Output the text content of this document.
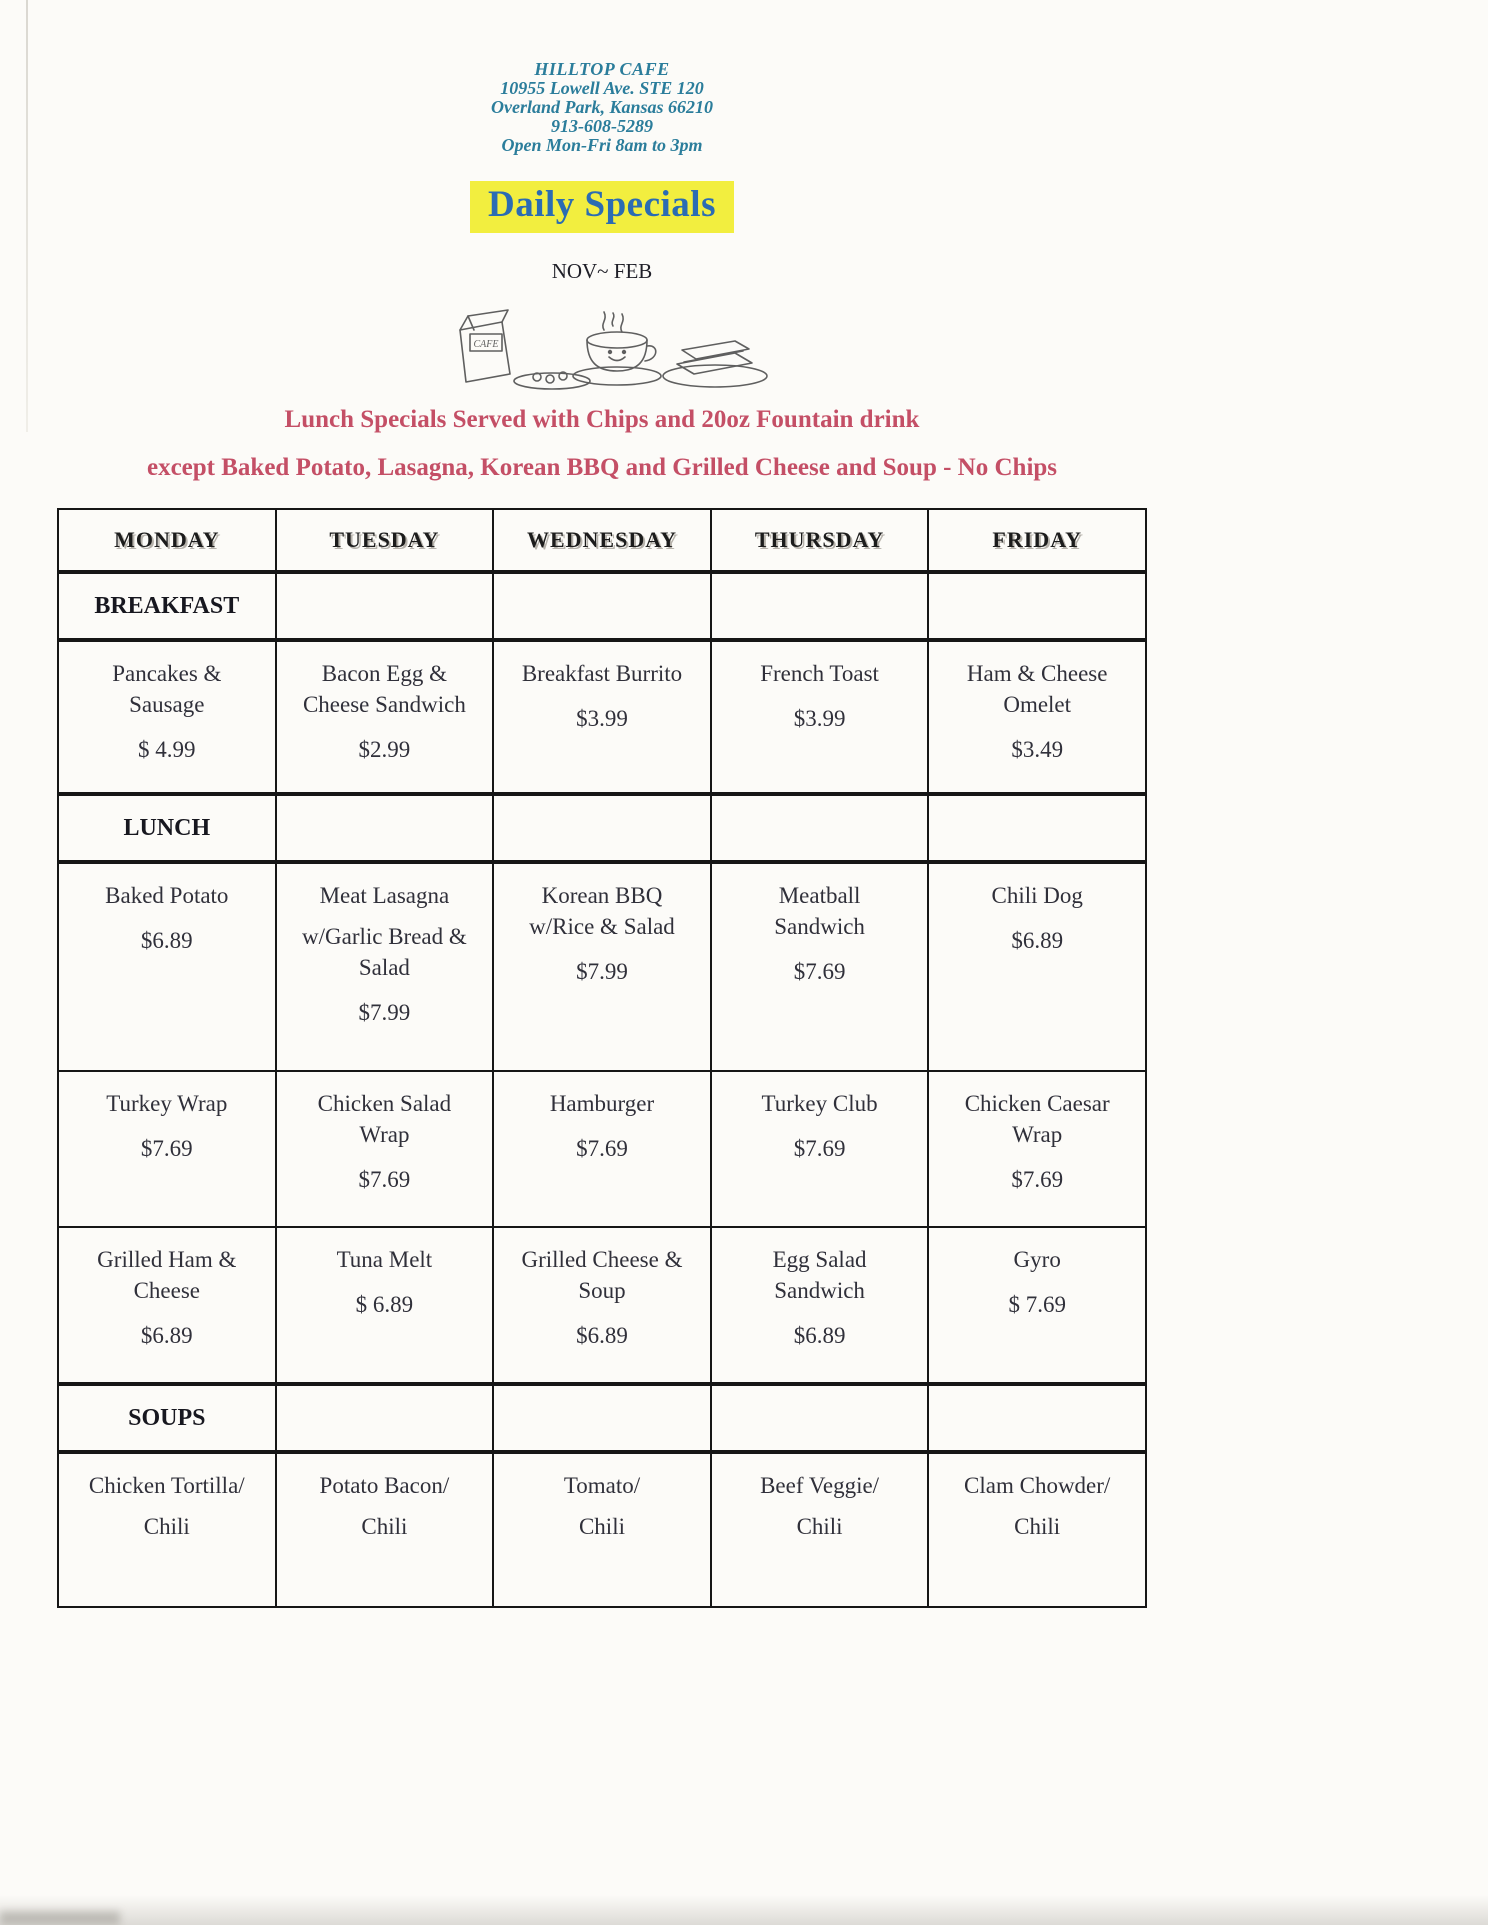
HILLTOP CAFE
10955 Lowell Ave. STE 120
Overland Park, Kansas 66210
913-608-5289
Open Mon-Fri 8am to 3pm
Daily Specials
NOV~ FEB
CAFE
Lunch Specials Served with Chips and 20oz Fountain drink
except Baked Potato, Lasagna, Korean BBQ and Grilled Cheese and Soup - No Chips
MONDAY	TUESDAY	WEDNESDAY	THURSDAY	FRIDAY
BREAKFAST				

Pancakes &
Sausage
$ 4.99	Bacon Egg &
Cheese Sandwich
$2.99	Breakfast Burrito
$3.99	French Toast
$3.99	Ham & Cheese
Omelet
$3.49

LUNCH				

Baked Potato
$6.89	Meat Lasagna
w/Garlic Bread &
Salad
$7.99	Korean BBQ
w/Rice & Salad
$7.99	Meatball
Sandwich
$7.69	Chili Dog
$6.89

Turkey Wrap
$7.69	Chicken Salad
Wrap
$7.69	Hamburger
$7.69	Turkey Club
$7.69	Chicken Caesar
Wrap
$7.69

Grilled Ham &
Cheese
$6.89	Tuna Melt
$ 6.89	Grilled Cheese &
Soup
$6.89	Egg Salad
Sandwich
$6.89	Gyro
$ 7.69

SOUPS				

Chicken Tortilla/
Chili	Potato Bacon/
Chili	Tomato/
Chili	Beef Veggie/
Chili	Clam Chowder/
Chili
